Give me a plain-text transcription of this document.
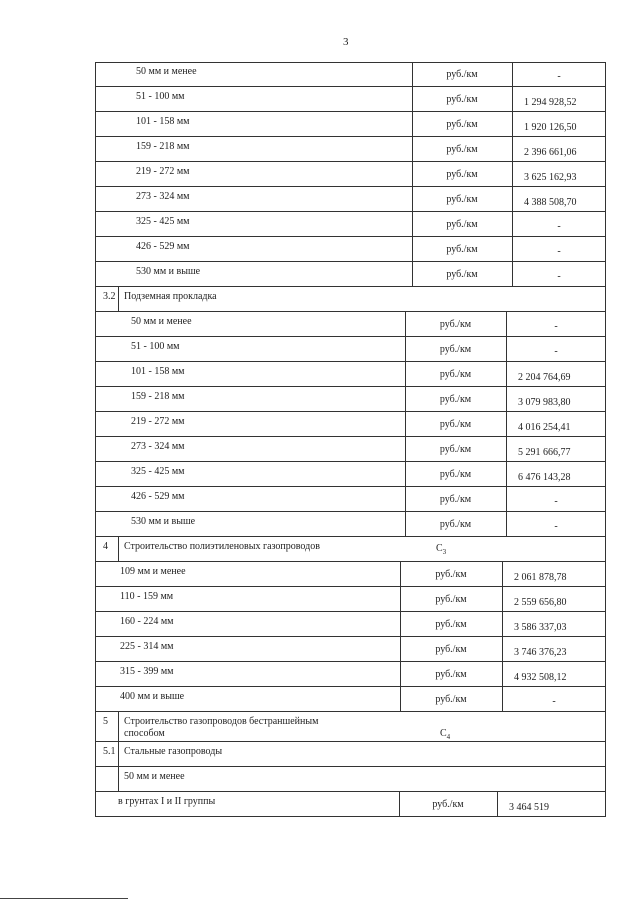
3
50 мм и менее	руб./км	-
51 - 100 мм	руб./км	1 294 928,52
101 - 158 мм	руб./км	1 920 126,50
159 - 218 мм	руб./км	2 396 661,06
219 - 272 мм	руб./км	3 625 162,93
273 - 324 мм	руб./км	4 388 508,70
325 - 425 мм	руб./км	-
426 - 529 мм	руб./км	-
530 мм и выше	руб./км	-
3.2 Подземная прокладка
50 мм и менее	руб./км	-
51 - 100 мм	руб./км	-
101 - 158 мм	руб./км	2 204 764,69
159 - 218 мм	руб./км	3 079 983,80
219 - 272 мм	руб./км	4 016 254,41
273 - 324 мм	руб./км	5 291 666,77
325 - 425 мм	руб./км	6 476 143,28
426 - 529 мм	руб./км	-
530 мм и выше	руб./км	-
4 Строительство полиэтиленовых газопроводов	$C_3$
109 мм и менее	руб./км	2 061 878,78
110 - 159 мм	руб./км	2 559 656,80
160 - 224 мм	руб./км	3 586 337,03
225 - 314 мм	руб./км	3 746 376,23
315 - 399 мм	руб./км	4 932 508,12
400 мм и выше	руб./км	-
5 Строительство газопроводов бестраншейным
способом	$C_4$
5.1 Стальные газопроводы
50 мм и менее
в грунтах I и II группы	руб./км	3 464 519
